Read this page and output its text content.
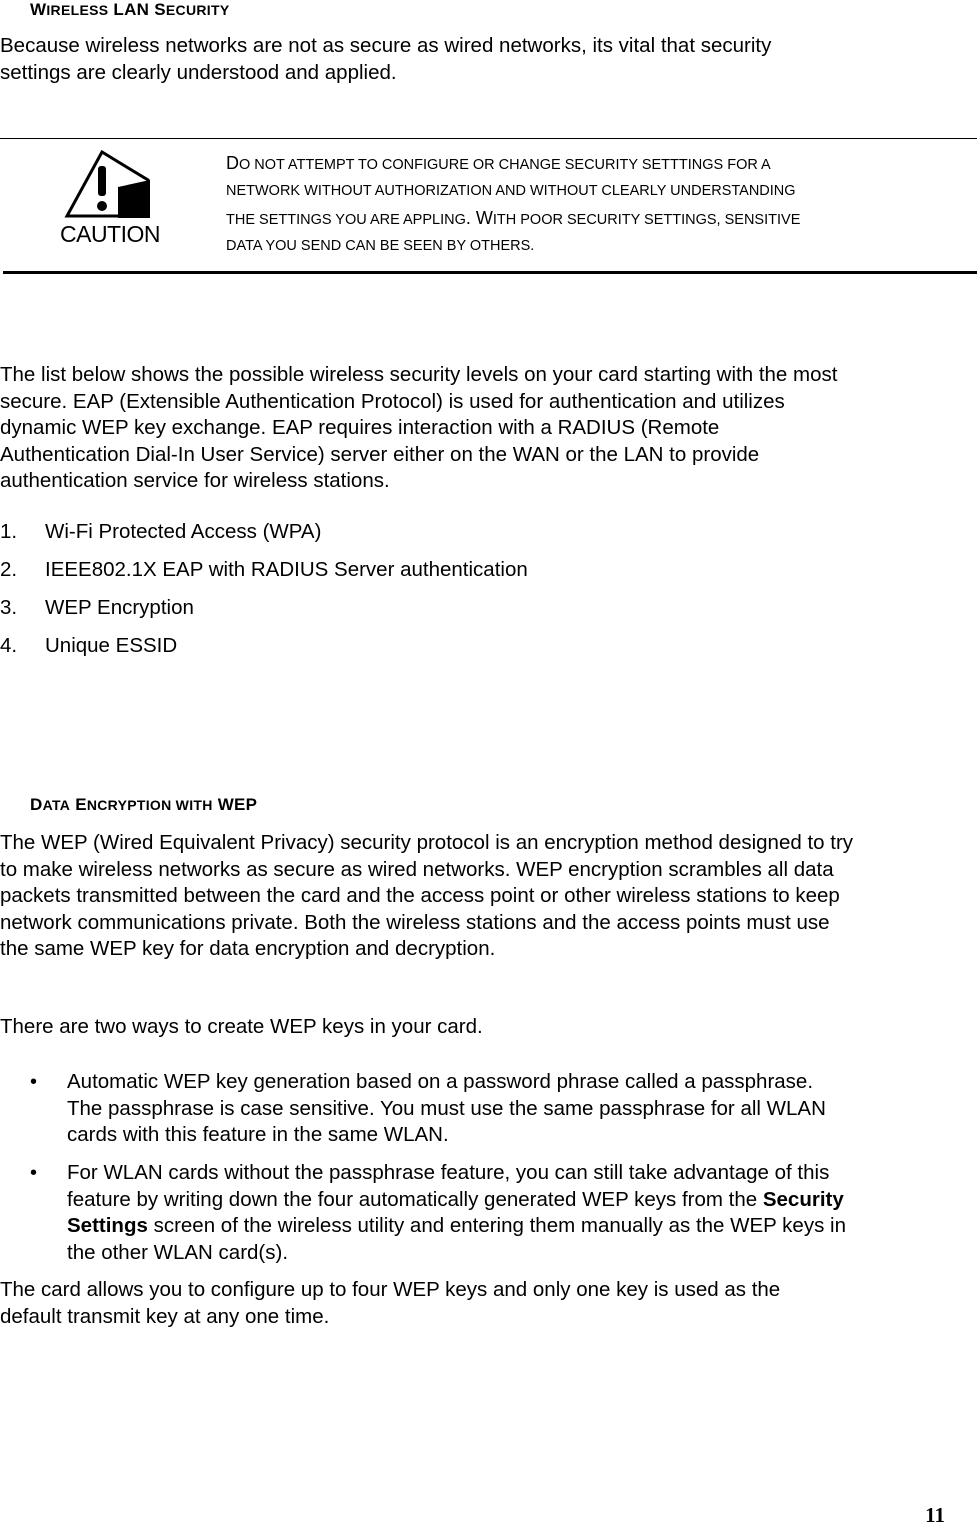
WIRELESS LAN SECURITY
Because wireless networks are not as secure as wired networks, its vital that security
settings are clearly understood and applied.
CAUTION
DO NOT ATTEMPT TO CONFIGURE OR CHANGE SECURITY SETTTINGS FOR A
NETWORK WITHOUT AUTHORIZATION AND WITHOUT CLEARLY UNDERSTANDING
THE SETTINGS YOU ARE APPLING. WITH POOR SECURITY SETTINGS, SENSITIVE
DATA YOU SEND CAN BE SEEN BY OTHERS.
The list below shows the possible wireless security levels on your card starting with the most
secure. EAP (Extensible Authentication Protocol) is used for authentication and utilizes
dynamic WEP key exchange. EAP requires interaction with a RADIUS (Remote
Authentication Dial-In User Service) server either on the WAN or the LAN to provide
authentication service for wireless stations.
1. Wi-Fi Protected Access (WPA)
2. IEEE802.1X EAP with RADIUS Server authentication
3. WEP Encryption
4. Unique ESSID
DATA ENCRYPTION WITH WEP
The WEP (Wired Equivalent Privacy) security protocol is an encryption method designed to try
to make wireless networks as secure as wired networks. WEP encryption scrambles all data
packets transmitted between the card and the access point or other wireless stations to keep
network communications private. Both the wireless stations and the access points must use
the same WEP key for data encryption and decryption.
There are two ways to create WEP keys in your card.
• Automatic WEP key generation based on a password phrase called a passphrase.
The passphrase is case sensitive. You must use the same passphrase for all WLAN
cards with this feature in the same WLAN.
• For WLAN cards without the passphrase feature, you can still take advantage of this
feature by writing down the four automatically generated WEP keys from the Security
Settings screen of the wireless utility and entering them manually as the WEP keys in
the other WLAN card(s).
The card allows you to configure up to four WEP keys and only one key is used as the
default transmit key at any one time.
11
